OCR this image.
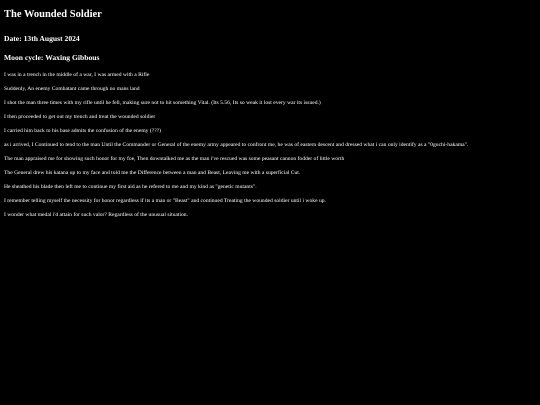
The Wounded Soldier
Date: 13th August 2024
Moon cycle: Waxing Gibbous

I was in a trench in the middle of a war, I was armed with a Rifle

Suddenly, An enemy Combatant came through no mans land

I shot the man three times with my rifle until he fell, making sure not to hit something Vital. (Its 5.56, Its so weak it lost every war its issued.)

I then proceeded to get out my trench and treat the wounded soldier

I carried him back to his base admits the confusion of the enemy (???)

as i arrived, I Continued to tend to the man Until the Commander or General of the enemy army appeared to confront me, he was of eastern descent and dressed what i can only identify as a "0guchi-hakama".

The man appraised me for showing such honor for my foe, Then downtalked me as the man i've rescued was some peasant cannon fodder of little worth

The General drew his katana up to my face and told me the Difference between a man and Beast, Leaving me with a superficial Cut.

He sheathed his blade then left me to continue my first aid as he refered to me and my kind as "genetic mutants".

I remember telling myself the necessity for honor regardless if its a man or "Beast" and continued Treating the wounded soldier until i woke up.

I wonder what medal i'd attain for such valor? Regardless of the unusual situation.
